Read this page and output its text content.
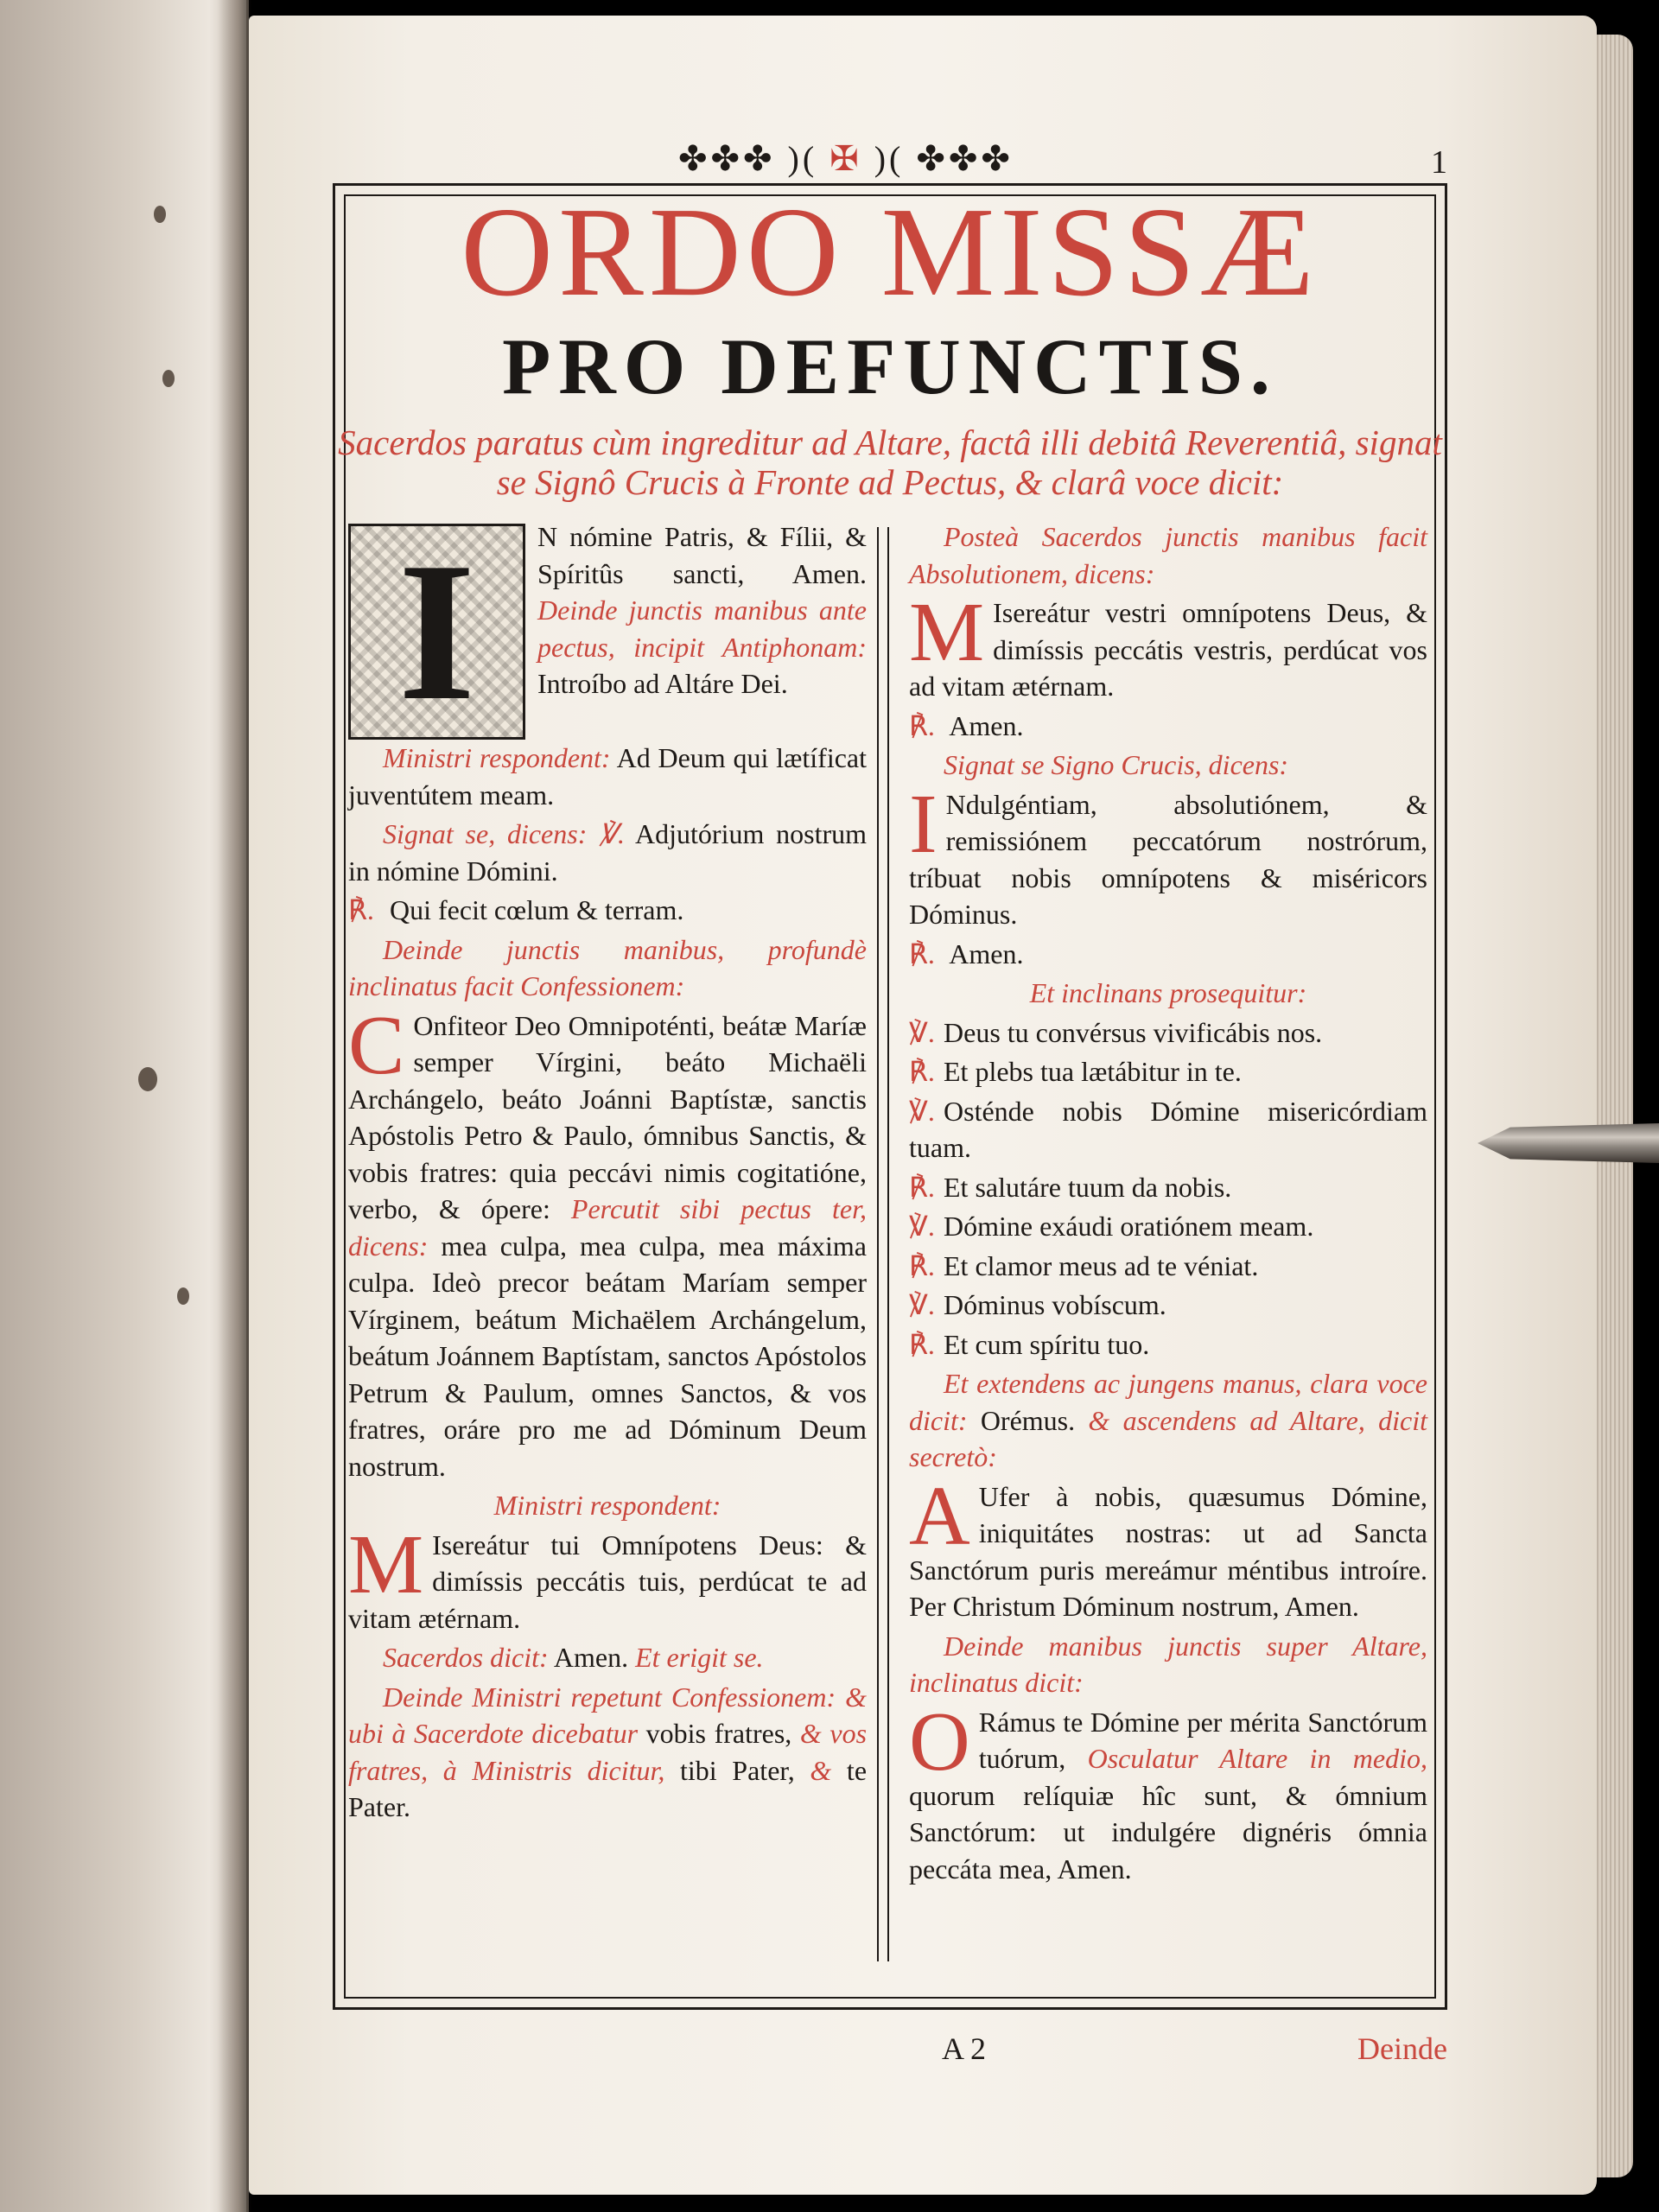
✤✤✤ )( ✠ )( ✤✤✤	1
ORDO MISSÆ
PRO DEFUNCTIS.
Sacerdos paratus cùm ingreditur ad Altare, factâ illi debitâ Reverentiâ, signat se Signô Crucis à Fronte ad Pectus, & clarâ voce dicit:

I	N nómine Patris, & Fílii, & Spíritûs sancti, Amen. Deinde junctis manibus ante pectus, incipit Antiphonam: Introíbo ad Altáre Dei.

Ministri respondent: Ad Deum qui lætíficat juventútem meam.

Signat se, dicens: ℣. Adjutórium nostrum in nómine Dómini.

℟. Qui fecit cœlum & terram.

Deinde junctis manibus, profundè inclinatus facit Confessionem:

C Onfiteor Deo Omnipoténti, beátæ Maríæ semper Vírgini, beáto Michaëli Archángelo, beáto Joánni Baptístæ, sanctis Apóstolis Petro & Paulo, ómnibus Sanctis, & vobis fratres: quia peccávi nimis cogitatióne, verbo, & ópere: Percutit sibi pectus ter, dicens: mea culpa, mea culpa, mea máxima culpa. Ideò precor beátam Maríam semper Vírginem, beátum Michaëlem Archángelum, beátum Joánnem Baptístam, sanctos Apóstolos Petrum & Paulum, omnes Sanctos, & vos fratres, oráre pro me ad Dóminum Deum nostrum.

Ministri respondent:

M Isereátur tui Omnípotens Deus: & dimíssis peccátis tuis, perdúcat te ad vitam ætérnam.

Sacerdos dicit: Amen. Et erigit se.

Deinde Ministri repetunt Confessionem: & ubi à Sacerdote dicebatur vobis fratres, & vos fratres, à Ministris dicitur, tibi Pater, & te Pater.

Posteà Sacerdos junctis manibus facit Absolutionem, dicens:

M Isereátur vestri omnípotens Deus, & dimíssis peccátis vestris, perdúcat vos ad vitam ætérnam.

℟. Amen.

Signat se Signo Crucis, dicens:

I Ndulgéntiam, absolutiónem, & remissiónem peccatórum nostrórum, tríbuat nobis omnípotens & miséricors Dóminus.

℟. Amen.

Et inclinans prosequitur:

℣. Deus tu convérsus vivificábis nos.

℟. Et plebs tua lætábitur in te.

℣. Osténde nobis Dómine misericórdiam tuam.

℟. Et salutáre tuum da nobis.

℣. Dómine exáudi oratiónem meam.

℟. Et clamor meus ad te véniat.

℣. Dóminus vobíscum.

℟. Et cum spíritu tuo.

Et extendens ac jungens manus, clara voce dicit: Orémus. & ascendens ad Altare, dicit secretò:

A Ufer à nobis, quæsumus Dómine, iniquitátes nostras: ut ad Sancta Sanctórum puris mereámur méntibus introíre. Per Christum Dóminum nostrum, Amen.

Deinde manibus junctis super Altare, inclinatus dicit:

O Rámus te Dómine per mérita Sanctórum tuórum, Osculatur Altare in medio, quorum relíquiæ hîc sunt, & ómnium Sanctórum: ut indulgére dignéris ómnia peccáta mea, Amen.

A 2	Deinde
